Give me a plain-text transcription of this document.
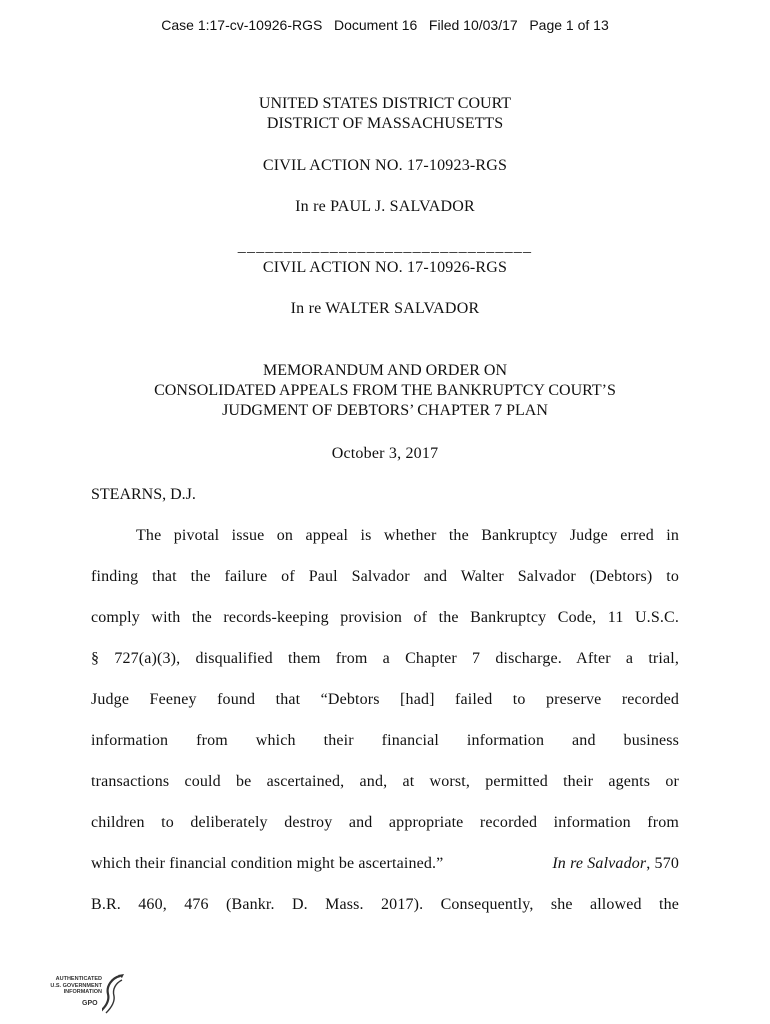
Case 1:17-cv-10926-RGS   Document 16   Filed 10/03/17   Page 1 of 13
UNITED STATES DISTRICT COURT
DISTRICT OF MASSACHUSETTS
CIVIL ACTION NO. 17-10923-RGS
In re PAUL J. SALVADOR
________________________________
CIVIL ACTION NO. 17-10926-RGS
In re WALTER SALVADOR
MEMORANDUM AND ORDER ON
CONSOLIDATED APPEALS FROM THE BANKRUPTCY COURT’S
JUDGMENT OF DEBTORS’ CHAPTER 7 PLAN
October 3, 2017
STEARNS, D.J.
The pivotal issue on appeal is whether the Bankruptcy Judge erred in
finding that the failure of Paul Salvador and Walter Salvador (Debtors) to
comply with the records-keeping provision of the Bankruptcy Code, 11 U.S.C.
§ 727(a)(3), disqualified them from a Chapter 7 discharge. After a trial,
Judge Feeney found that “Debtors [had] failed to preserve recorded
information from which their financial information and business
transactions could be ascertained, and, at worst, permitted their agents or
children to deliberately destroy and appropriate recorded information from
which their financial condition might be ascertained.”	In re Salvador, 570
B.R. 460, 476 (Bankr. D. Mass. 2017). Consequently, she allowed the
AUTHENTICATED
U.S. GOVERNMENT
INFORMATION
GPO
